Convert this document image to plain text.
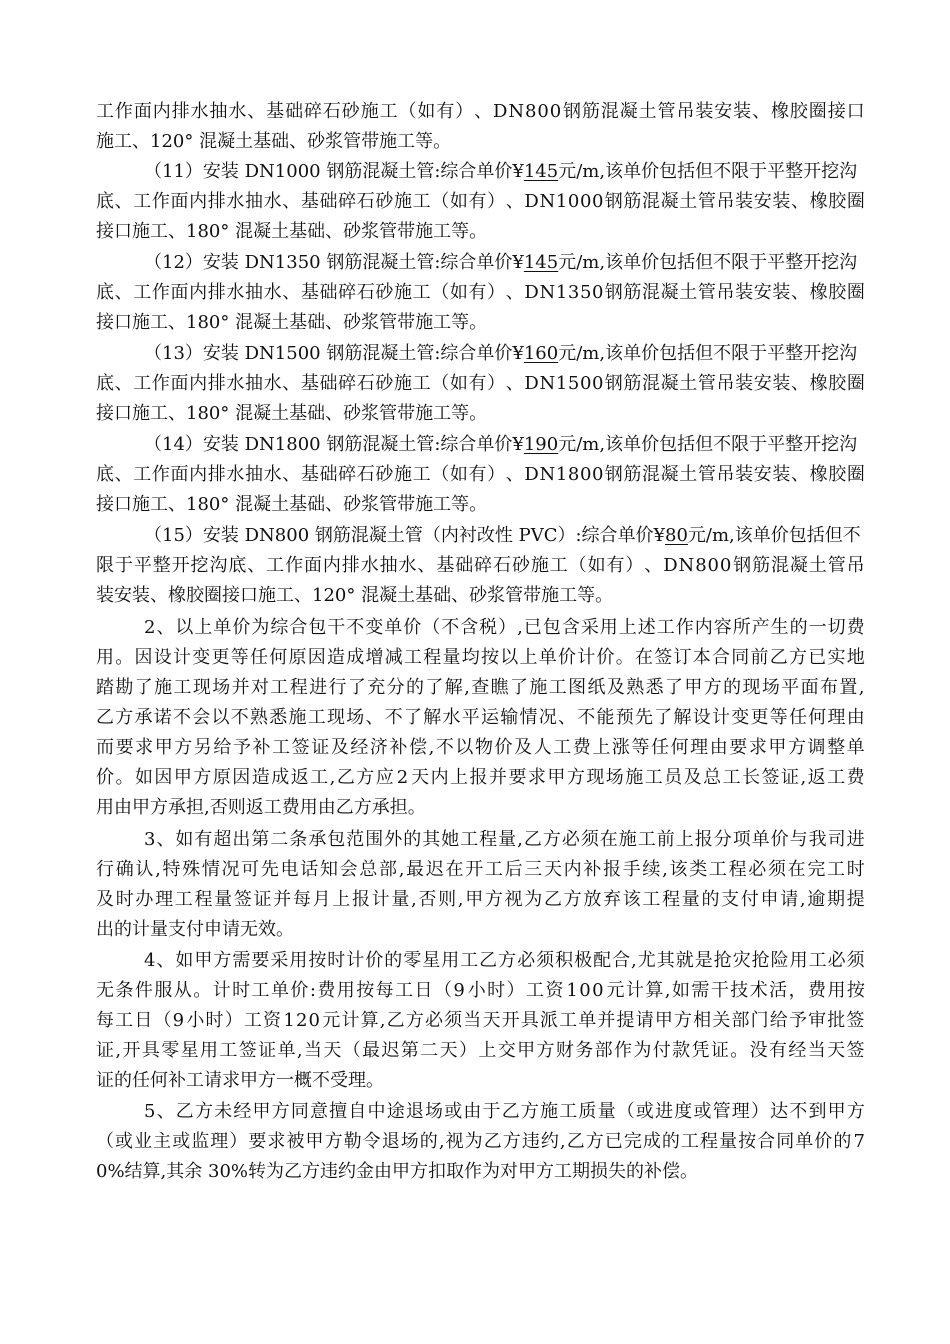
工 作 面 内 排 水 抽 水 、 基 础 碎 石 砂 施 工 （ 如 有 ） 、 D N 8 0 0 钢 筋 混 凝 土 管 吊 装 安 装 、 橡 胶 圈 接 口
施工、120° 混凝土基础、砂浆管带施工等。
（11）安装 DN1000 钢筋混凝土管:综合单价¥145元/m,该单价包括但不限于平整开挖沟
底 、 工 作 面 内 排 水 抽 水 、 基 础 碎 石 砂 施 工 （ 如 有 ） 、 D N 1 0 0 0 钢 筋 混 凝 土 管 吊 装 安 装 、 橡 胶 圈
接口施工、180° 混凝土基础、砂浆管带施工等。
（12）安装 DN1350 钢筋混凝土管:综合单价¥145元/m,该单价包括但不限于平整开挖沟
底 、 工 作 面 内 排 水 抽 水 、 基 础 碎 石 砂 施 工 （ 如 有 ） 、 D N 1 3 5 0 钢 筋 混 凝 土 管 吊 装 安 装 、 橡 胶 圈
接口施工、180° 混凝土基础、砂浆管带施工等。
（13）安装 DN1500 钢筋混凝土管:综合单价¥160元/m,该单价包括但不限于平整开挖沟
底 、 工 作 面 内 排 水 抽 水 、 基 础 碎 石 砂 施 工 （ 如 有 ） 、 D N 1 5 0 0 钢 筋 混 凝 土 管 吊 装 安 装 、 橡 胶 圈
接口施工、180° 混凝土基础、砂浆管带施工等。
（14）安装 DN1800 钢筋混凝土管:综合单价¥190元/m,该单价包括但不限于平整开挖沟
底 、 工 作 面 内 排 水 抽 水 、 基 础 碎 石 砂 施 工 （ 如 有 ） 、 D N 1 8 0 0 钢 筋 混 凝 土 管 吊 装 安 装 、 橡 胶 圈
接口施工、180° 混凝土基础、砂浆管带施工等。
（15）安装 DN800 钢筋混凝土管（内衬改性 PVC）:综合单价¥80元/m,该单价包括但不
限 于 平 整 开 挖 沟 底 、 工 作 面 内 排 水 抽 水 、 基 础 碎 石 砂 施 工 （ 如 有 ） 、 D N 8 0 0 钢 筋 混 凝 土 管 吊
装安装、橡胶圈接口施工、120° 混凝土基础、砂浆管带施工等。
2 、 以 上 单 价 为 综 合 包 干 不 变 单 价 （ 不 含 税 ） , 已 包 含 采 用 上 述 工 作 内 容 所 产 生 的 一 切 费
用 。 因 设 计 变 更 等 任 何 原 因 造 成 增 减 工 程 量 均 按 以 上 单 价 计 价 。 在 签 订 本 合 同 前 乙 方 已 实 地
踏 勘 了 施 工 现 场 并 对 工 程 进 行 了 充 分 的 了 解 , 查 瞧 了 施 工 图 纸 及 熟 悉 了 甲 方 的 现 场 平 面 布 置 ,
乙 方 承 诺 不 会 以 不 熟 悉 施 工 现 场 、 不 了 解 水 平 运 输 情 况 、 不 能 预 先 了 解 设 计 变 更 等 任 何 理 由
而 要 求 甲 方 另 给 予 补 工 签 证 及 经 济 补 偿 , 不 以 物 价 及 人 工 费 上 涨 等 任 何 理 由 要 求 甲 方 调 整 单
价 。 如 因 甲 方 原 因 造 成 返 工 , 乙 方 应 2 天 内 上 报 并 要 求 甲 方 现 场 施 工 员 及 总 工 长 签 证 , 返 工 费
用由甲方承担,否则返工费用由乙方承担。
3 、 如 有 超 出 第 二 条 承 包 范 围 外 的 其 她 工 程 量 , 乙 方 必 须 在 施 工 前 上 报 分 项 单 价 与 我 司 进
行 确 认 , 特 殊 情 况 可 先 电 话 知 会 总 部 , 最 迟 在 开 工 后 三 天 内 补 报 手 续 , 该 类 工 程 必 须 在 完 工 时
及 时 办 理 工 程 量 签 证 并 每 月 上 报 计 量 , 否 则 , 甲 方 视 为 乙 方 放 弃 该 工 程 量 的 支 付 申 请 , 逾 期 提
出的计量支付申请无效。
4 、 如 甲 方 需 要 采 用 按 时 计 价 的 零 星 用 工 乙 方 必 须 积 极 配 合 , 尤 其 就 是 抢 灾 抢 险 用 工 必 须
无 条 件 服 从 。 计 时 工 单 价 : 费 用 按 每 工 日 （ 9 小 时 ） 工 资 1 0 0 元 计 算 , 如 需 干 技 术 活 ， 费 用 按
每 工 日 （ 9 小 时 ） 工 资 1 2 0 元 计 算 , 乙 方 必 须 当 天 开 具 派 工 单 并 提 请 甲 方 相 关 部 门 给 予 审 批 签
证 , 开 具 零 星 用 工 签 证 单 , 当 天 （ 最 迟 第 二 天 ） 上 交 甲 方 财 务 部 作 为 付 款 凭 证 。 没 有 经 当 天 签
证的任何补工请求甲方一概不受理。
5 、 乙 方 未 经 甲 方 同 意 擅 自 中 途 退 场 或 由 于 乙 方 施 工 质 量 （ 或 进 度 或 管 理 ） 达 不 到 甲 方
（ 或 业 主 或 监 理 ） 要 求 被 甲 方 勒 令 退 场 的 , 视 为 乙 方 违 约 , 乙 方 已 完 成 的 工 程 量 按 合 同 单 价 的 7
0%结算,其余 30%转为乙方违约金由甲方扣取作为对甲方工期损失的补偿。
